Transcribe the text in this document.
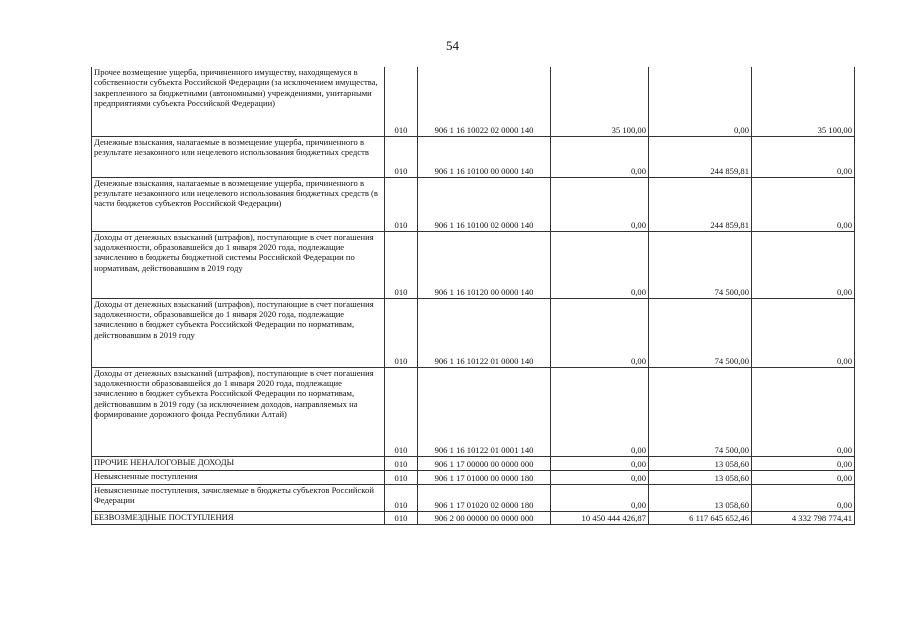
54
Прочее возмещение ущерба, причиненного имуществу, находящемуся в собственности субъекта Российской Федерации (за исключением имущества, закрепленного за бюджетными (автономными) учреждениями, унитарными предприятиями субъекта Российской Федерации)	010	906 1 16 10022 02 0000 140	35 100,00	0,00	35 100,00

Денежные взыскания, налагаемые в возмещение ущерба, причиненного в результате незаконного или нецелевого использования бюджетных средств	010	906 1 16 10100 00 0000 140	0,00	244 859,81	0,00

Денежные взыскания, налагаемые в возмещение ущерба, причиненного в результате незаконного или нецелевого использования бюджетных средств (в части бюджетов субъектов Российской Федерации)	010	906 1 16 10100 02 0000 140	0,00	244 859,81	0,00

Доходы от денежных взысканий (штрафов), поступающие в счет погашения задолженности, образовавшейся до 1 января 2020 года, подлежащие зачислению в бюджеты бюджетной системы Российской Федерации по нормативам, действовавшим в 2019 году	010	906 1 16 10120 00 0000 140	0,00	74 500,00	0,00

Доходы от денежных взысканий (штрафов), поступающие в счет погашения задолженности, образовавшейся до 1 января 2020 года, подлежащие зачислению в бюджет субъекта Российской Федерации по нормативам, действовавшим в 2019 году	010	906 1 16 10122 01 0000 140	0,00	74 500,00	0,00

Доходы от денежных взысканий (штрафов), поступающие в счет погашения задолженности образовавшейся до 1 января 2020 года, подлежащие зачислению в бюджет субъекта Российской Федерации по нормативам, действовавшим в 2019 году (за исключением доходов, направляемых на формирование дорожного фонда Республики Алтай)	010	906 1 16 10122 01 0001 140	0,00	74 500,00	0,00

ПРОЧИЕ НЕНАЛОГОВЫЕ ДОХОДЫ	010	906 1 17 00000 00 0000 000	0,00	13 058,60	0,00

Невыясненные поступления	010	906 1 17 01000 00 0000 180	0,00	13 058,60	0,00

Невыясненные поступления, зачисляемые в бюджеты субъектов Российской Федерации	010	906 1 17 01020 02 0000 180	0,00	13 058,60	0,00

БЕЗВОЗМЕЗДНЫЕ ПОСТУПЛЕНИЯ	010	906 2 00 00000 00 0000 000	10 450 444 426,87	6 117 645 652,46	4 332 798 774,41
